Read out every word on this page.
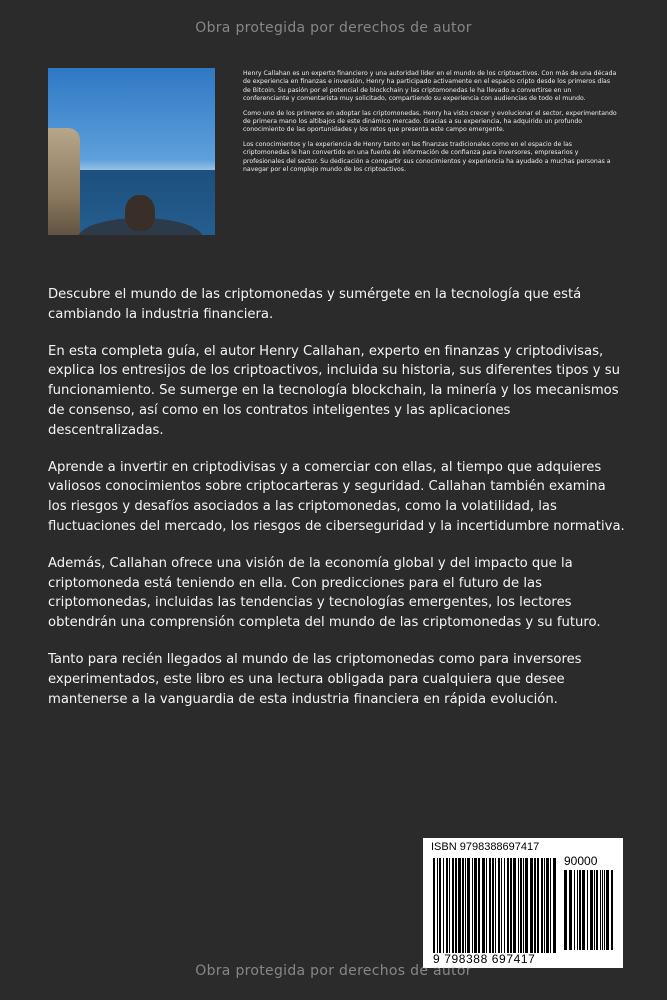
Obra protegida por derechos de autor

Henry Callahan es un experto financiero y una autoridad líder en el mundo de los criptoactivos. Con más de una década de experiencia en finanzas e inversión, Henry ha participado activamente en el espacio cripto desde los primeros días de Bitcoin. Su pasión por el potencial de blockchain y las criptomonedas le ha llevado a convertirse en un conferenciante y comentarista muy solicitado, compartiendo su experiencia con audiencias de todo el mundo.

Como uno de los primeros en adoptar las criptomonedas, Henry ha visto crecer y evolucionar el sector, experimentando de primera mano los altibajos de este dinámico mercado. Gracias a su experiencia, ha adquirido un profundo conocimiento de las oportunidades y los retos que presenta este campo emergente.

Los conocimientos y la experiencia de Henry tanto en las finanzas tradicionales como en el espacio de las criptomonedas le han convertido en una fuente de información de confianza para inversores, empresarios y profesionales del sector. Su dedicación a compartir sus conocimientos y experiencia ha ayudado a muchas personas a navegar por el complejo mundo de los criptoactivos.

Descubre el mundo de las criptomonedas y sumérgete en la tecnología que está cambiando la industria financiera.

En esta completa guía, el autor Henry Callahan, experto en finanzas y criptodivisas, explica los entresijos de los criptoactivos, incluida su historia, sus diferentes tipos y su funcionamiento. Se sumerge en la tecnología blockchain, la minería y los mecanismos de consenso, así como en los contratos inteligentes y las aplicaciones descentralizadas.

Aprende a invertir en criptodivisas y a comerciar con ellas, al tiempo que adquieres valiosos conocimientos sobre criptocarteras y seguridad. Callahan también examina los riesgos y desafíos asociados a las criptomonedas, como la volatilidad, las fluctuaciones del mercado, los riesgos de ciberseguridad y la incertidumbre normativa.

Además, Callahan ofrece una visión de la economía global y del impacto que la criptomoneda está teniendo en ella. Con predicciones para el futuro de las criptomonedas, incluidas las tendencias y tecnologías emergentes, los lectores obtendrán una comprensión completa del mundo de las criptomonedas y su futuro.

Tanto para recién llegados al mundo de las criptomonedas como para inversores experimentados, este libro es una lectura obligada para cualquiera que desee mantenerse a la vanguardia de esta industria financiera en rápida evolución.

ISBN 9798388697417
90000
9 798388 697417
Obra protegida por derechos de autor
